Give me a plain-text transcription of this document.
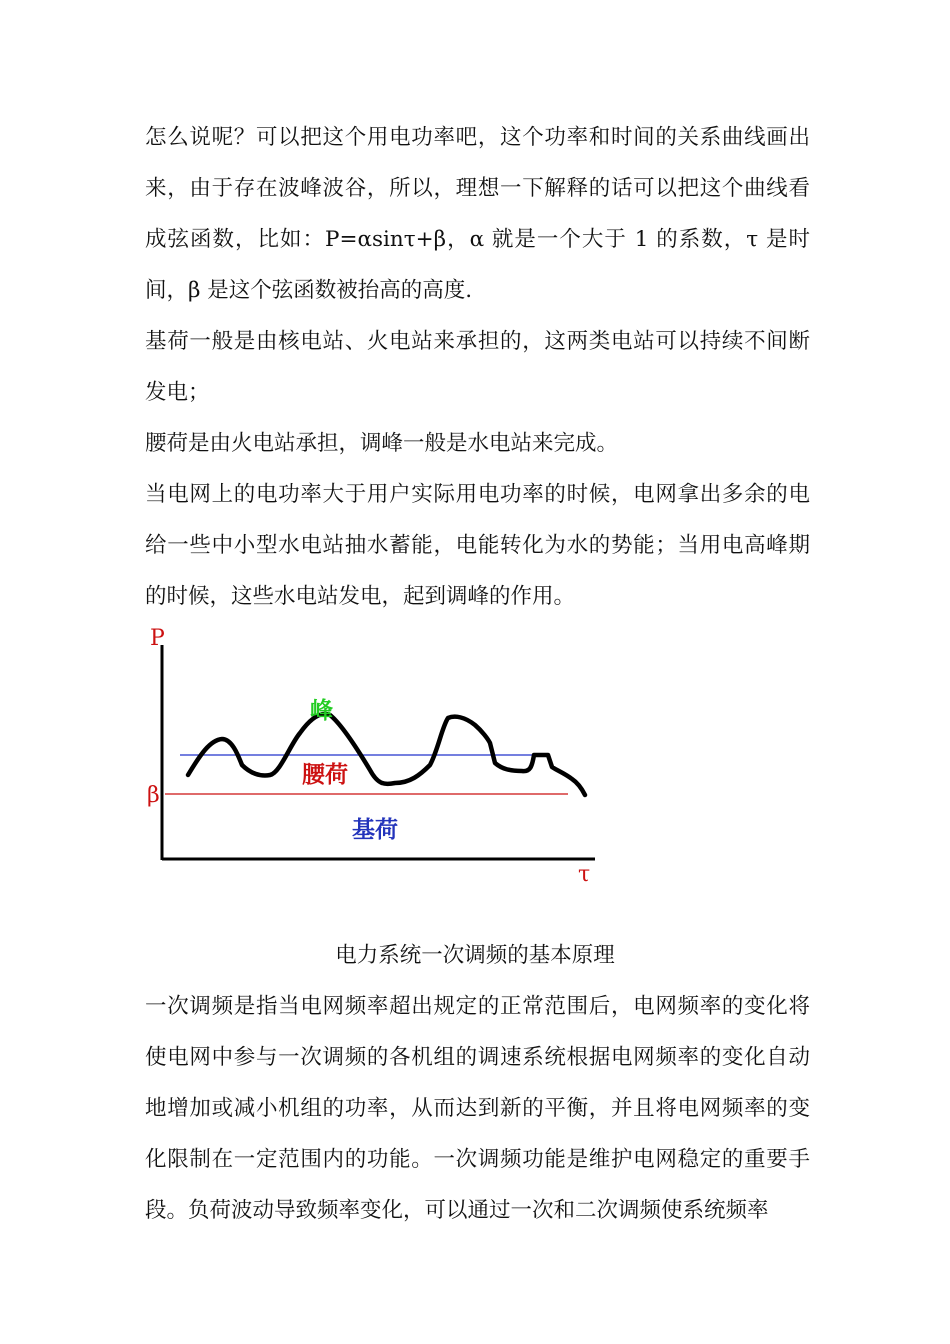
怎么说呢？可以把这个用电功率吧，这个功率和时间的关系曲线画出来，由于存在波峰波谷，所以，理想一下解释的话可以把这个曲线看成弦函数，比如：P=αsinτ+β，α 就是一个大于 1 的系数，τ 是时间，β 是这个弦函数被抬高的高度.

基荷一般是由核电站、火电站来承担的，这两类电站可以持续不间断发电；

腰荷是由火电站承担，调峰一般是水电站来完成。

当电网上的电功率大于用户实际用电功率的时候，电网拿出多余的电给一些中小型水电站抽水蓄能，电能转化为水的势能；当用电高峰期的时候，这些水电站发电，起到调峰的作用。

P
τ
β
峰
腰荷
基荷

电力系统一次调频的基本原理

一次调频是指当电网频率超出规定的正常范围后，电网频率的变化将使电网中参与一次调频的各机组的调速系统根据电网频率的变化自动地增加或减小机组的功率，从而达到新的平衡，并且将电网频率的变化限制在一定范围内的功能。一次调频功能是维护电网稳定的重要手段。负荷波动导致频率变化，可以通过一次和二次调频使系统频率
